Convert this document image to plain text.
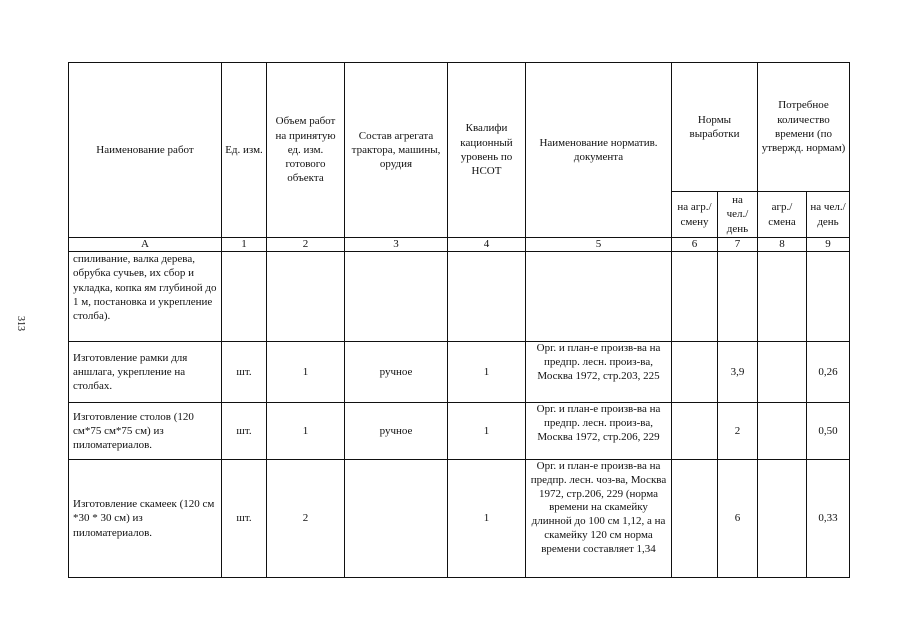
313
Наименование работ	Ед. изм.	Объем работ на принятую ед. изм. готового объекта	Состав агрегата трактора, машины, орудия	Квалифи кационный уровень по НСОТ	Наименование норматив. документа	Нормы выработки		Потребное количество времени (по утвержд. нормам)	
						на агр./ смену	на чел./ день	агр./ смена	на чел./ день
А	1	2	3	4	5	6	7	8	9
спиливание, валка дерева, обрубка сучьев, их сбор и укладка, копка ям глубиной до 1 м, постановка и укрепление столба).									
Изготовление рамки для аншлага, укрепление на столбах.	шт.	1	ручное	1	Орг. и план-е произв-ва на предпр. лесн. произ-ва, Москва 1972, стр.203, 225		3,9		0,26
Изготовление столов (120 см*75 см*75 см) из пиломатериалов.	шт.	1	ручное	1	Орг. и план-е произв-ва на предпр. лесн. произ-ва, Москва 1972, стр.206, 229		2		0,50
Изготовление скамеек (120 см *30 * 30 см) из пиломатериалов.	шт.	2		1	Орг. и план-е произв-ва на предпр. лесн. чоз-ва, Москва 1972, стр.206, 229 (норма времени на скамейку длинной до 100 см 1,12, а на скамейку 120 см норма времени составляет 1,34		6		0,33
